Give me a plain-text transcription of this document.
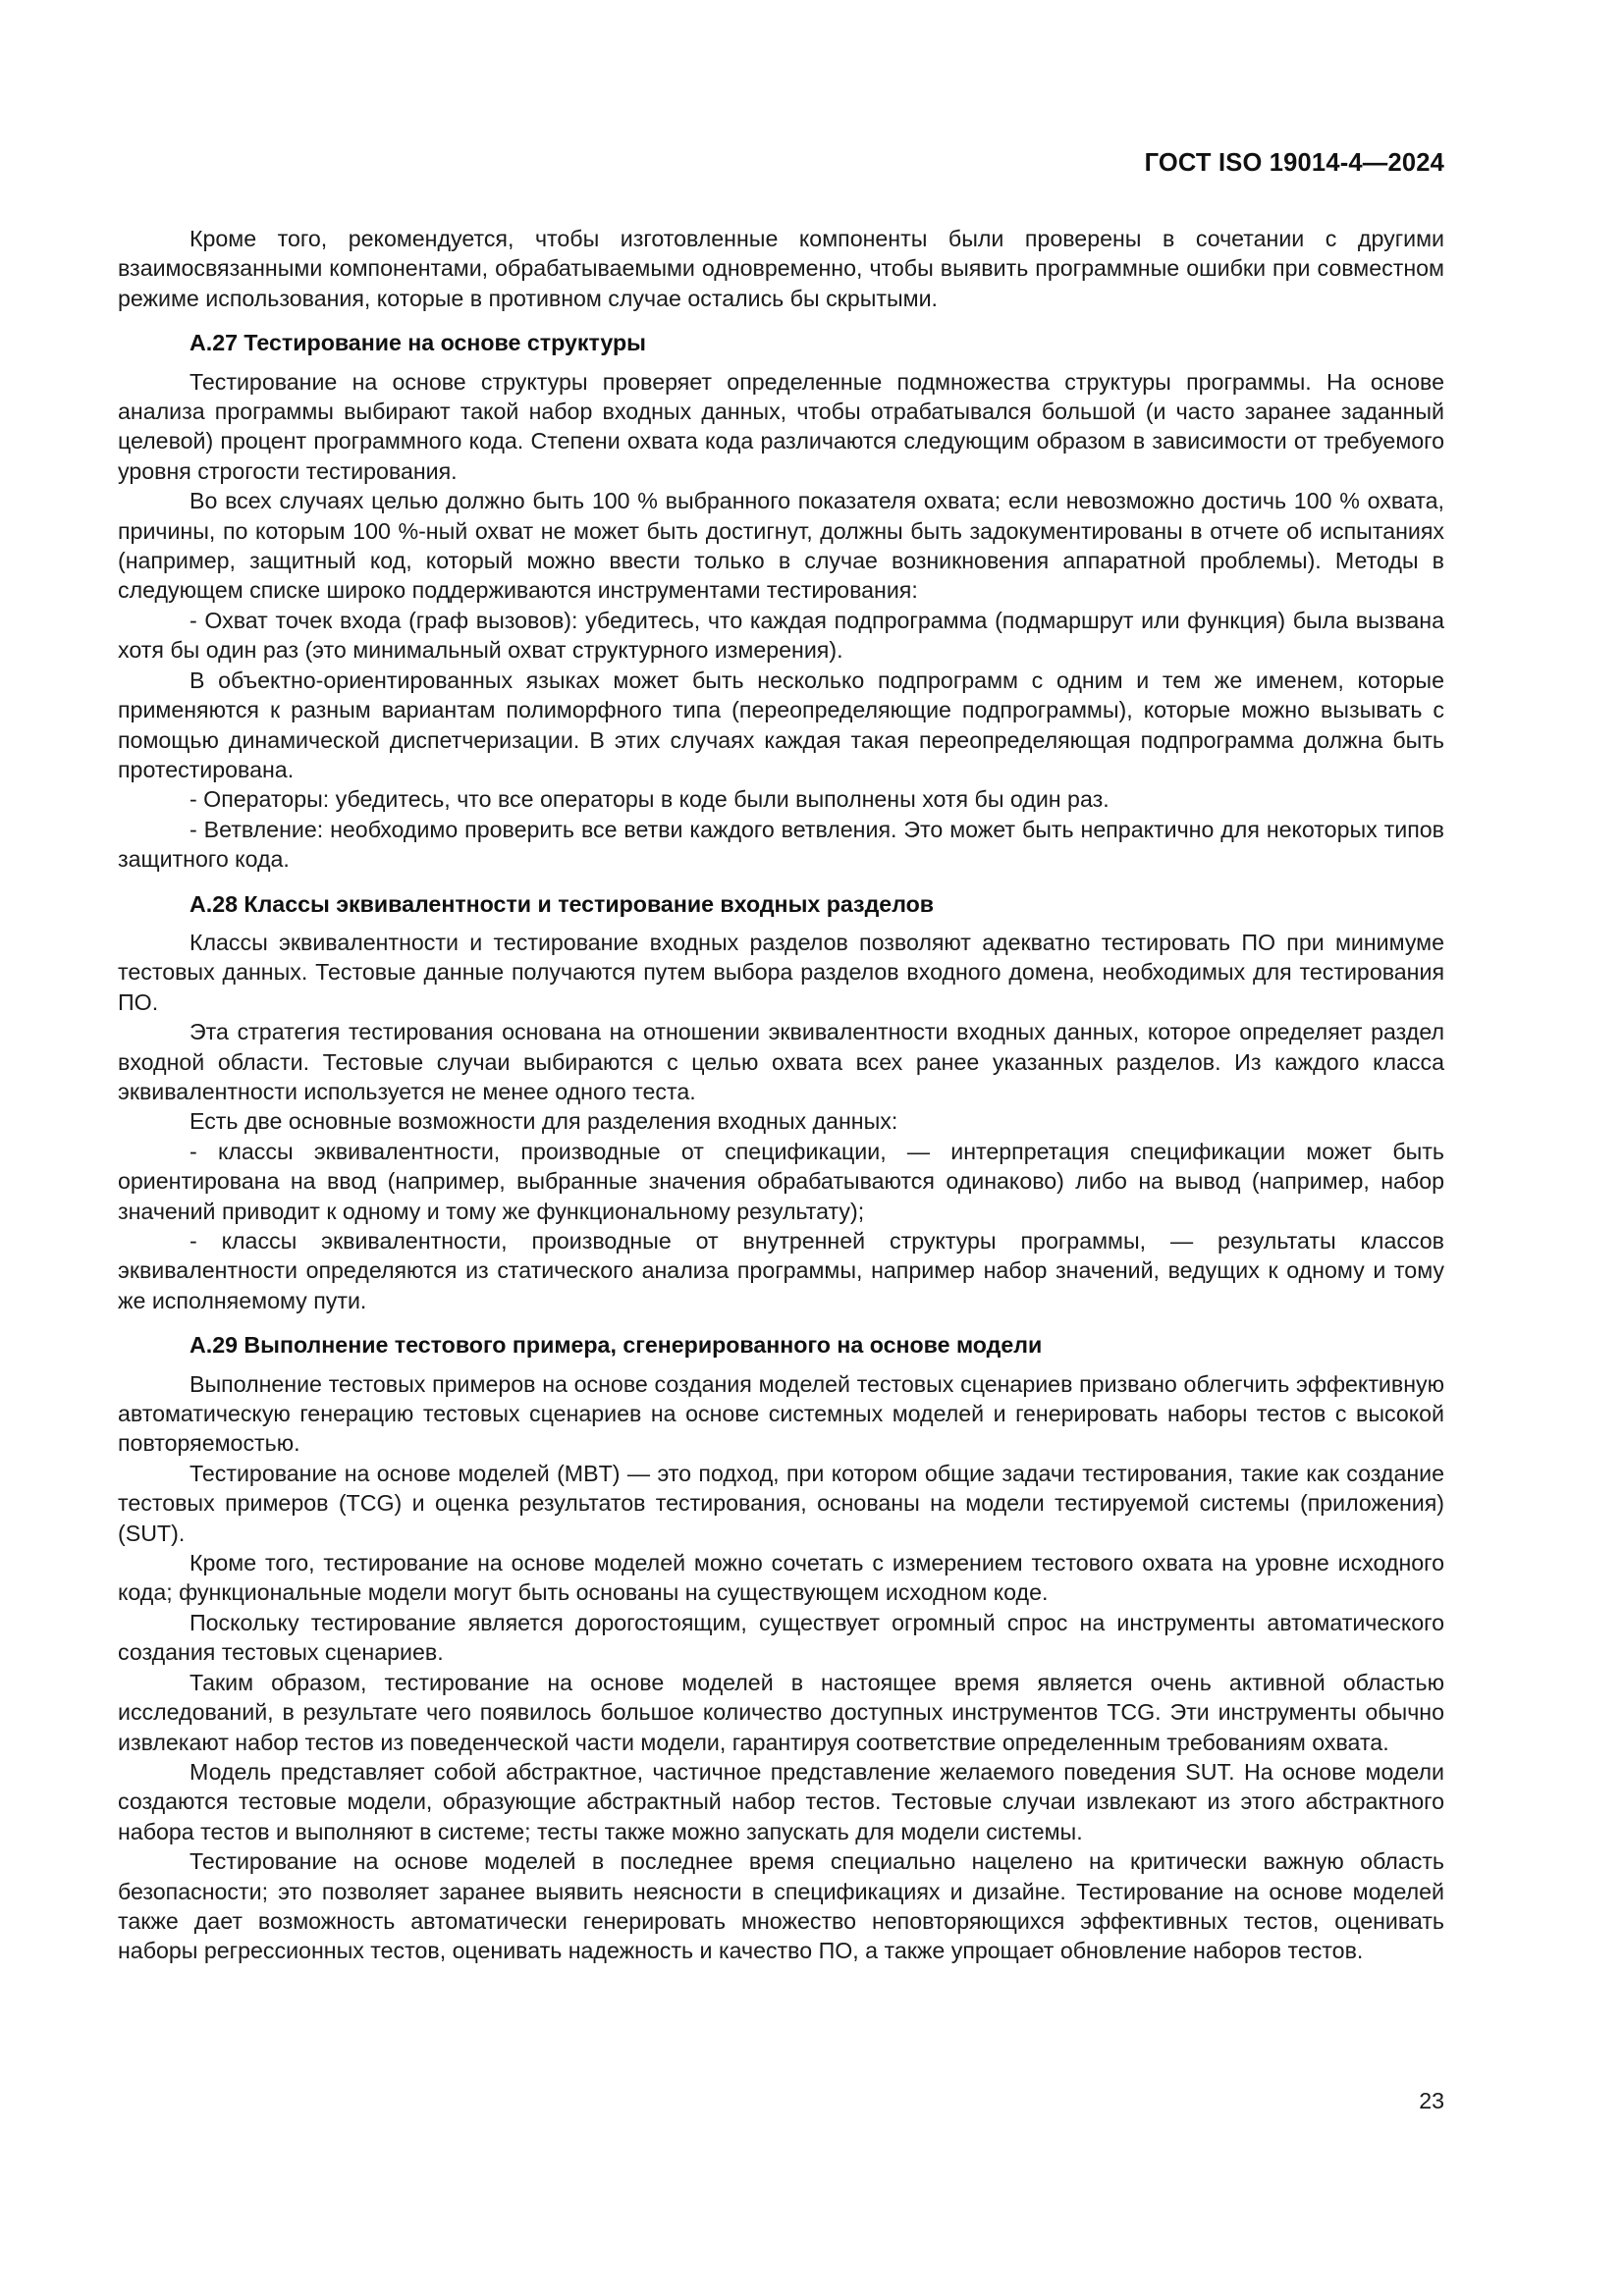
ГОСТ ISO 19014-4—2024

Кроме того, рекомендуется, чтобы изготовленные компоненты были проверены в сочетании с другими взаимосвязанными компонентами, обрабатываемыми одновременно, чтобы выявить программные ошибки при совместном режиме использования, которые в противном случае остались бы скрытыми.

А.27 Тестирование на основе структуры

Тестирование на основе структуры проверяет определенные подмножества структуры программы. На основе анализа программы выбирают такой набор входных данных, чтобы отрабатывался большой (и часто заранее заданный целевой) процент программного кода. Степени охвата кода различаются следующим образом в зависимости от требуемого уровня строгости тестирования.

Во всех случаях целью должно быть 100 % выбранного показателя охвата; если невозможно достичь 100 % охвата, причины, по которым 100 %-ный охват не может быть достигнут, должны быть задокументированы в отчете об испытаниях (например, защитный код, который можно ввести только в случае возникновения аппаратной проблемы). Методы в следующем списке широко поддерживаются инструментами тестирования:

- Охват точек входа (граф вызовов): убедитесь, что каждая подпрограмма (подмаршрут или функция) была вызвана хотя бы один раз (это минимальный охват структурного измерения).

В объектно-ориентированных языках может быть несколько подпрограмм с одним и тем же именем, которые применяются к разным вариантам полиморфного типа (переопределяющие подпрограммы), которые можно вызывать с помощью динамической диспетчеризации. В этих случаях каждая такая переопределяющая подпрограмма должна быть протестирована.

- Операторы: убедитесь, что все операторы в коде были выполнены хотя бы один раз.

- Ветвление: необходимо проверить все ветви каждого ветвления. Это может быть непрактично для некоторых типов защитного кода.

А.28 Классы эквивалентности и тестирование входных разделов

Классы эквивалентности и тестирование входных разделов позволяют адекватно тестировать ПО при минимуме тестовых данных. Тестовые данные получаются путем выбора разделов входного домена, необходимых для тестирования ПО.

Эта стратегия тестирования основана на отношении эквивалентности входных данных, которое определяет раздел входной области. Тестовые случаи выбираются с целью охвата всех ранее указанных разделов. Из каждого класса эквивалентности используется не менее одного теста.

Есть две основные возможности для разделения входных данных:

- классы эквивалентности, производные от спецификации, — интерпретация спецификации может быть ориентирована на ввод (например, выбранные значения обрабатываются одинаково) либо на вывод (например, набор значений приводит к одному и тому же функциональному результату);

- классы эквивалентности, производные от внутренней структуры программы, — результаты классов эквивалентности определяются из статического анализа программы, например набор значений, ведущих к одному и тому же исполняемому пути.

А.29 Выполнение тестового примера, сгенерированного на основе модели

Выполнение тестовых примеров на основе создания моделей тестовых сценариев призвано облегчить эффективную автоматическую генерацию тестовых сценариев на основе системных моделей и генерировать наборы тестов с высокой повторяемостью.

Тестирование на основе моделей (MBT) — это подход, при котором общие задачи тестирования, такие как создание тестовых примеров (TCG) и оценка результатов тестирования, основаны на модели тестируемой системы (приложения) (SUT).

Кроме того, тестирование на основе моделей можно сочетать с измерением тестового охвата на уровне исходного кода; функциональные модели могут быть основаны на существующем исходном коде.

Поскольку тестирование является дорогостоящим, существует огромный спрос на инструменты автоматического создания тестовых сценариев.

Таким образом, тестирование на основе моделей в настоящее время является очень активной областью исследований, в результате чего появилось большое количество доступных инструментов TCG. Эти инструменты обычно извлекают набор тестов из поведенческой части модели, гарантируя соответствие определенным требованиям охвата.

Модель представляет собой абстрактное, частичное представление желаемого поведения SUT. На основе модели создаются тестовые модели, образующие абстрактный набор тестов. Тестовые случаи извлекают из этого абстрактного набора тестов и выполняют в системе; тесты также можно запускать для модели системы.

Тестирование на основе моделей в последнее время специально нацелено на критически важную область безопасности; это позволяет заранее выявить неясности в спецификациях и дизайне. Тестирование на основе моделей также дает возможность автоматически генерировать множество неповторяющихся эффективных тестов, оценивать наборы регрессионных тестов, оценивать надежность и качество ПО, а также упрощает обновление наборов тестов.

23
